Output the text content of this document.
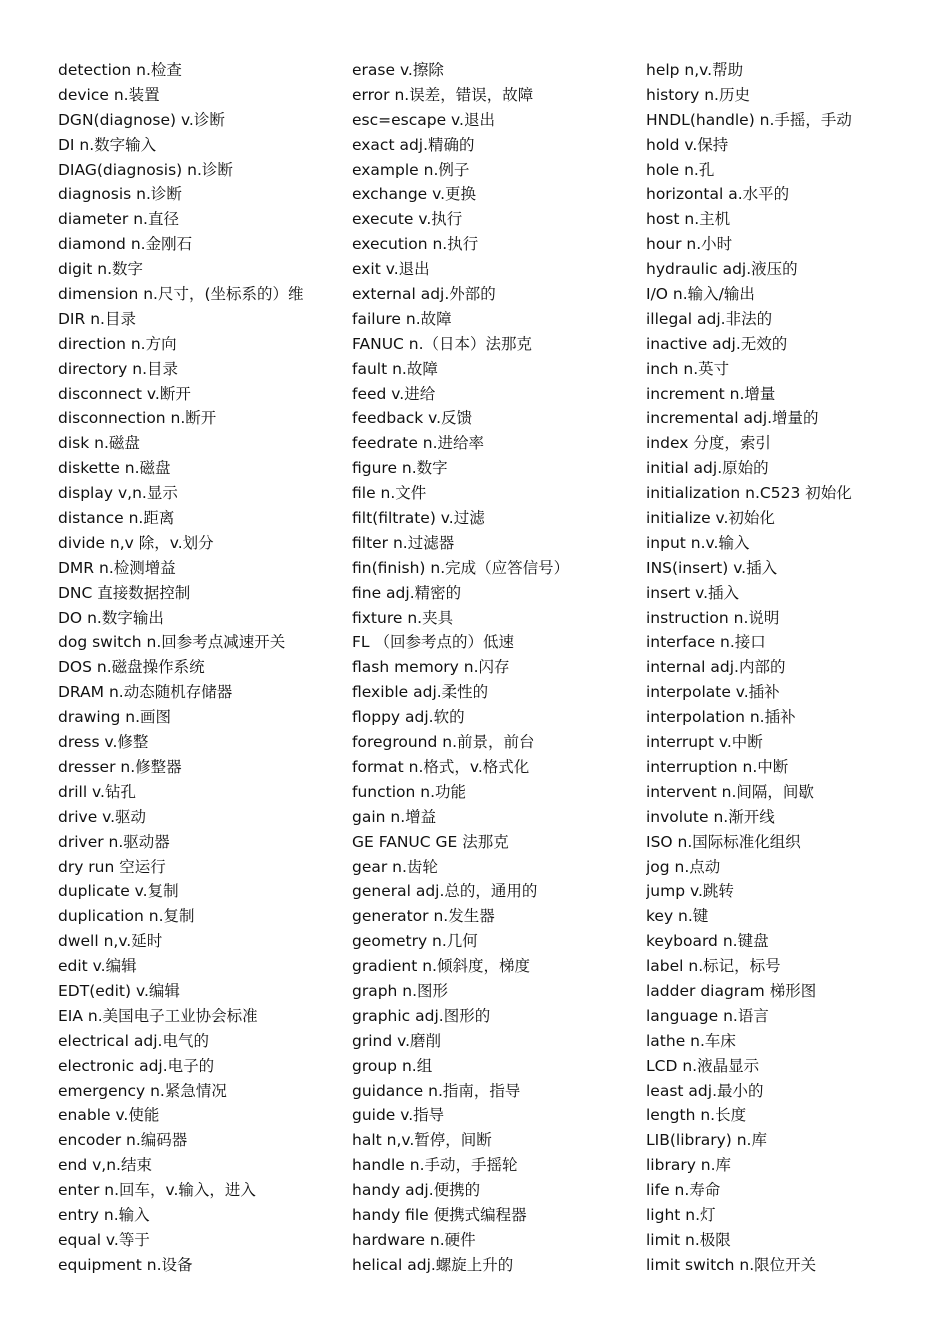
detection n.检查
device n.装置
DGN(diagnose) v.诊断
DI n.数字输入
DIAG(diagnosis) n.诊断
diagnosis n.诊断
diameter n.直径
diamond n.金刚石
digit n.数字
dimension n.尺寸，(坐标系的）维
DIR n.目录
direction n.方向
directory n.目录
disconnect v.断开
disconnection n.断开
disk n.磁盘
diskette n.磁盘
display v,n.显示
distance n.距离
divide n,v 除，v.划分
DMR n.检测增益
DNC 直接数据控制
DO n.数字输出
dog switch n.回参考点减速开关
DOS n.磁盘操作系统
DRAM n.动态随机存储器
drawing n.画图
dress v.修整
dresser n.修整器
drill v.钻孔
drive v.驱动
driver n.驱动器
dry run 空运行
duplicate v.复制
duplication n.复制
dwell n,v.延时
edit v.编辑
EDT(edit) v.编辑
EIA n.美国电子工业协会标准
electrical adj.电气的
electronic adj.电子的
emergency n.紧急情况
enable v.使能
encoder n.编码器
end v,n.结束
enter n.回车，v.输入，进入
entry n.输入
equal v.等于
equipment n.设备
erase v.擦除
error n.误差，错误，故障
esc=escape v.退出
exact adj.精确的
example n.例子
exchange v.更换
execute v.执行
execution n.执行
exit v.退出
external adj.外部的
failure n.故障
FANUC n.（日本）法那克
fault n.故障
feed v.进给
feedback v.反馈
feedrate n.进给率
figure n.数字
file n.文件
filt(filtrate) v.过滤
filter n.过滤器
fin(finish) n.完成（应答信号）
fine adj.精密的
fixture n.夹具
FL （回参考点的）低速
flash memory n.闪存
flexible adj.柔性的
floppy adj.软的
foreground n.前景，前台
format n.格式，v.格式化
function n.功能
gain n.增益
GE FANUC GE 法那克
gear n.齿轮
general adj.总的，通用的
generator n.发生器
geometry n.几何
gradient n.倾斜度，梯度
graph n.图形
graphic adj.图形的
grind v.磨削
group n.组
guidance n.指南，指导
guide v.指导
halt n,v.暂停，间断
handle n.手动，手摇轮
handy adj.便携的
handy file 便携式编程器
hardware n.硬件
helical adj.螺旋上升的
help n,v.帮助
history n.历史
HNDL(handle) n.手摇，手动
hold v.保持
hole n.孔
horizontal a.水平的
host n.主机
hour n.小时
hydraulic adj.液压的
I/O n.输入/输出
illegal adj.非法的
inactive adj.无效的
inch n.英寸
increment n.增量
incremental adj.增量的
index 分度，索引
initial adj.原始的
initialization n.C523 初始化
initialize v.初始化
input n.v.输入
INS(insert) v.插入
insert v.插入
instruction n.说明
interface n.接口
internal adj.内部的
interpolate v.插补
interpolation n.插补
interrupt v.中断
interruption n.中断
intervent n.间隔，间歇
involute n.渐开线
ISO n.国际标准化组织
jog n.点动
jump v.跳转
key n.键
keyboard n.键盘
label n.标记，标号
ladder diagram 梯形图
language n.语言
lathe n.车床
LCD n.液晶显示
least adj.最小的
length n.长度
LIB(library) n.库
library n.库
life n.寿命
light n.灯
limit n.极限
limit switch n.限位开关
